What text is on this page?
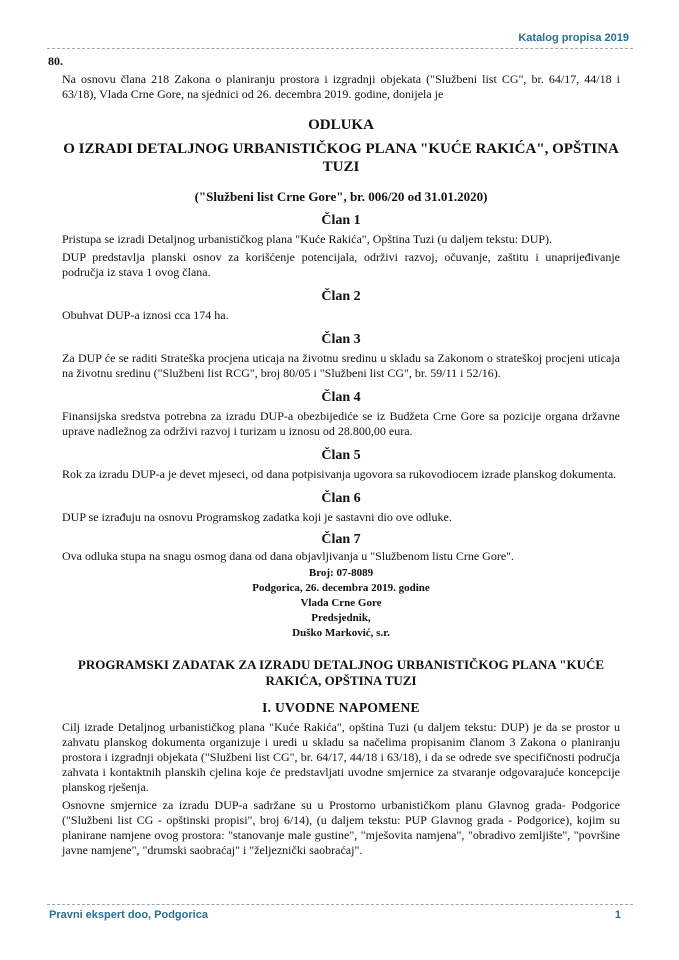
Katalog propisa 2019
80.

Na osnovu člana 218 Zakona o planiranju prostora i izgradnji objekata ("Službeni list CG", br. 64/17, 44/18 i 63/18), Vlada Crne Gore, na sjednici od 26. decembra 2019. godine, donijela je

ODLUKA
O IZRADI DETALJNOG URBANISTIČKOG PLANA "KUĆE RAKIĆA", OPŠTINA TUZI
("Službeni list Crne Gore", br. 006/20 od 31.01.2020)
Član 1

Pristupa se izradi Detaljnog urbanističkog plana "Kuće Rakića", Opština Tuzi (u daljem tekstu: DUP).

DUP predstavlja planski osnov za korišćenje potencijala, održivi razvoj, očuvanje, zaštitu i unaprijeđivanje područja iz stava 1 ovog člana.

Član 2

Obuhvat DUP-a iznosi cca 174 ha.

Član 3

Za DUP će se raditi Strateška procjena uticaja na životnu sredinu u skladu sa Zakonom o strateškoj procjeni uticaja na životnu sredinu ("Službeni list RCG", broj 80/05 i "Službeni list CG", br. 59/11 i 52/16).

Član 4

Finansijska sredstva potrebna za izradu DUP-a obezbijediće se iz Budžeta Crne Gore sa pozicije organa državne uprave nadležnog za održivi razvoj i turizam u iznosu od 28.800,00 eura.

Član 5

Rok za izradu DUP-a je devet mjeseci, od dana potpisivanja ugovora sa rukovodiocem izrade planskog dokumenta.

Član 6

DUP se izrađuju na osnovu Programskog zadatka koji je sastavni dio ove odluke.

Član 7

Ova odluka stupa na snagu osmog dana od dana objavljivanja u "Službenom listu Crne Gore".

Broj: 07-8089
Podgorica, 26. decembra 2019. godine
Vlada Crne Gore
Predsjednik,
Duško Marković, s.r.
PROGRAMSKI ZADATAK ZA IZRADU DETALJNOG URBANISTIČKOG PLANA "KUĆE RAKIĆA, OPŠTINA TUZI
I. UVODNE NAPOMENE

Cilj izrade Detaljnog urbanističkog plana "Kuće Rakića", opština Tuzi (u daljem tekstu: DUP) je da se prostor u zahvatu planskog dokumenta organizuje i uredi u skladu sa načelima propisanim članom 3 Zakona o planiranju prostora i izgradnji objekata ("Službeni list CG", br. 64/17, 44/18 i 63/18), i da se odrede sve specifičnosti područja zahvata i kontaktnih planskih cjelina koje će predstavljati uvodne smjernice za stvaranje odgovarajuće koncepcije planskog rješenja.

Osnovne smjernice za izradu DUP-a sadržane su u Prostorno urbanističkom planu Glavnog grada- Podgorice ("Službeni list CG - opštinski propisi", broj 6/14), (u daljem tekstu: PUP Glavnog grada - Podgorice), kojim su planirane namjene ovog prostora: "stanovanje male gustine", "mješovita namjena", "obradivo zemljište", "površine javne namjene", "drumski saobraćaj" i "željeznički saobraćaj".

Pravni ekspert doo, Podgorica	1
